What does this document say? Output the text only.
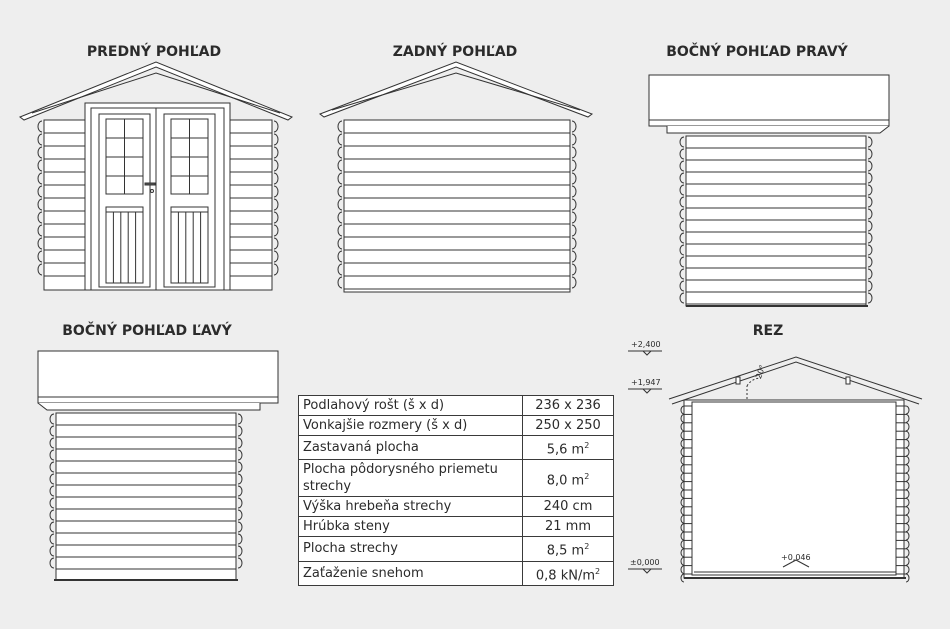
PREDNÝ POHĽAD	ZADNÝ POHĽAD	BOČNÝ POHĽAD PRAVÝ
BOČNÝ POHĽAD ĽAVÝ	REZ
+2,400
+1,947
±0,000
+0,046
20°
Podlahový rošt (š x d)	236 x 236
Vonkajšie rozmery (š x d)	250 x 250
Zastavaná plocha	5,6 $m^2$
Plocha pôdorysného priemetu strechy	8,0 $m^2$
Výška hrebeňa strechy	240 cm
Hrúbka steny	21 mm
Plocha strechy	8,5 $m^2$
Zaťaženie snehom	0,8 $kN/m^2$
